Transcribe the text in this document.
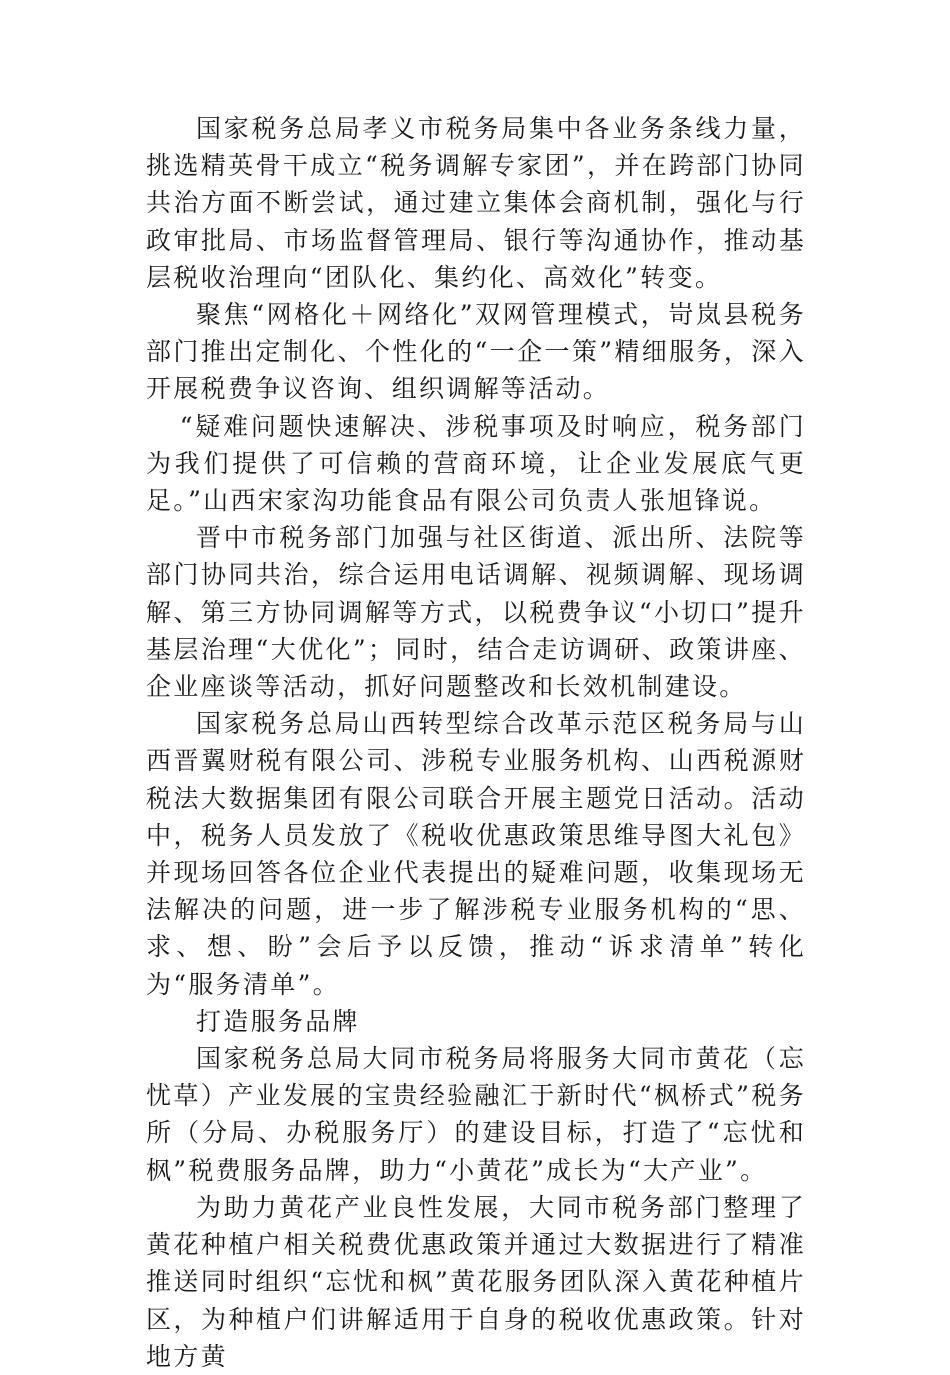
国家税务总局孝义市税务局集中各业务条线力量，挑选精英骨干成立“税务调解专家团”，并在跨部门协同共治方面不断尝试，通过建立集体会商机制，强化与行政审批局、市场监督管理局、银行等沟通协作，推动基层税收治理向“团队化、集约化、高效化”转变。

聚焦“网格化＋网络化”双网管理模式，岢岚县税务部门推出定制化、个性化的“一企一策”精细服务，深入开展税费争议咨询、组织调解等活动。

“疑难问题快速解决、涉税事项及时响应，税务部门为我们提供了可信赖的营商环境，让企业发展底气更足。”山西宋家沟功能食品有限公司负责人张旭锋说。

晋中市税务部门加强与社区街道、派出所、法院等部门协同共治，综合运用电话调解、视频调解、现场调解、第三方协同调解等方式，以税费争议“小切口”提升基层治理“大优化”；同时，结合走访调研、政策讲座、企业座谈等活动，抓好问题整改和长效机制建设。

国家税务总局山西转型综合改革示范区税务局与山西晋翼财税有限公司、涉税专业服务机构、山西税源财税法大数据集团有限公司联合开展主题党日活动。活动中，税务人员发放了《税收优惠政策思维导图大礼包》并现场回答各位企业代表提出的疑难问题，收集现场无法解决的问题，进一步了解涉税专业服务机构的“思、求、想、盼”会后予以反馈，推动“诉求清单”转化为“服务清单”。

打造服务品牌

国家税务总局大同市税务局将服务大同市黄花（忘忧草）产业发展的宝贵经验融汇于新时代“枫桥式”税务所（分局、办税服务厅）的建设目标，打造了“忘忧和枫”税费服务品牌，助力“小黄花”成长为“大产业”。

为助力黄花产业良性发展，大同市税务部门整理了黄花种植户相关税费优惠政策并通过大数据进行了精准推送同时组织“忘忧和枫”黄花服务团队深入黄花种植片区，为种植户们讲解适用于自身的税收优惠政策。针对地方黄
